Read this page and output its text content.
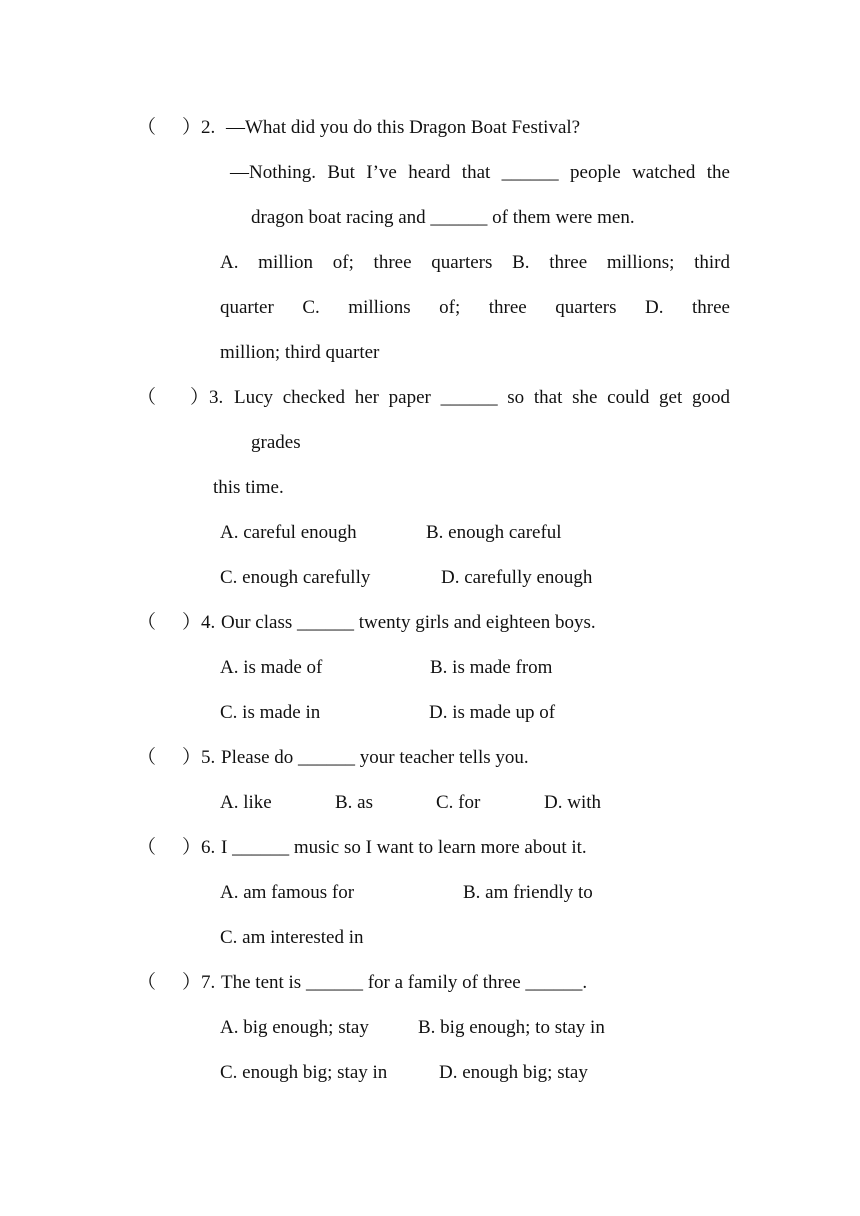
（ ）2. —What did you do this Dragon Boat Festival?
—Nothing. But I’ve heard that ______ people watched the
dragon boat racing and ______ of them were men.
A. million of; three quarters B. three millions; third
quarter C. millions of; three quarters D. three
million; third quarter
（ ）3. Lucy checked her paper ______ so that she could get good
grades
this time.
A. careful enough	B. enough careful
C. enough carefully	D. carefully enough
（ ）4. Our class ______ twenty girls and eighteen boys.
A. is made of	B. is made from
C. is made in	D. is made up of
（ ）5. Please do ______ your teacher tells you.
A. like	B. as	C. for	D. with
（ ）6. I ______ music so I want to learn more about it.
A. am famous for	B. am friendly to
C. am interested in
（ ）7. The tent is ______ for a family of three ______.
A. big enough; stay	B. big enough; to stay in
C. enough big; stay in	D. enough big; stay
